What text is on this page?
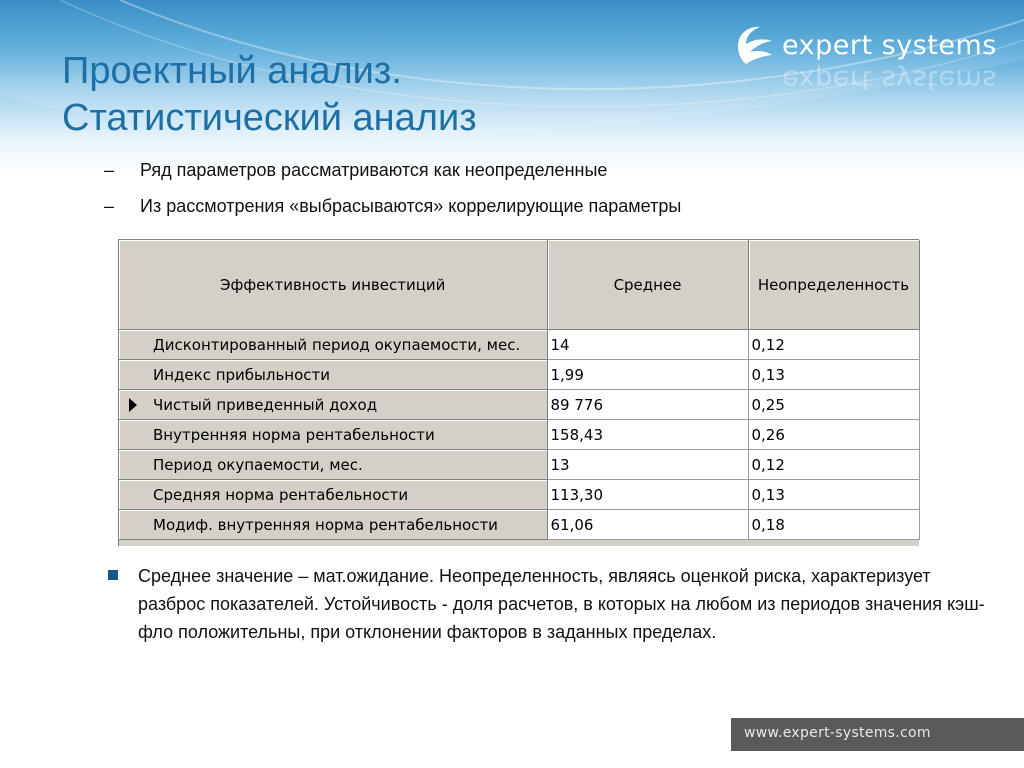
Проектный анализ.
Статистический анализ
expert systems
expert systems
– Ряд параметров рассматриваются как неопределенные
– Из рассмотрения «выбрасываются» коррелирующие параметры
Эффективность инвестиций	Среднее	Неопределенность

Дисконтированный период окупаемости, мес.	14	0,12

Индекс прибыльности	1,99	0,13

Чистый приведенный доход	89 776	0,25

Внутренняя норма рентабельности	158,43	0,26

Период окупаемости, мес.	13	0,12

Средняя норма рентабельности	113,30	0,13

Модиф. внутренняя норма рентабельности	61,06	0,18

Среднее значение – мат.ожидание. Неопределенность, являясь оценкой риска, характеризует разброс показателей. Устойчивость - доля расчетов, в которых на любом из периодов значения кэш-фло положительны, при отклонении факторов в заданных пределах.

www.expert-systems.com
